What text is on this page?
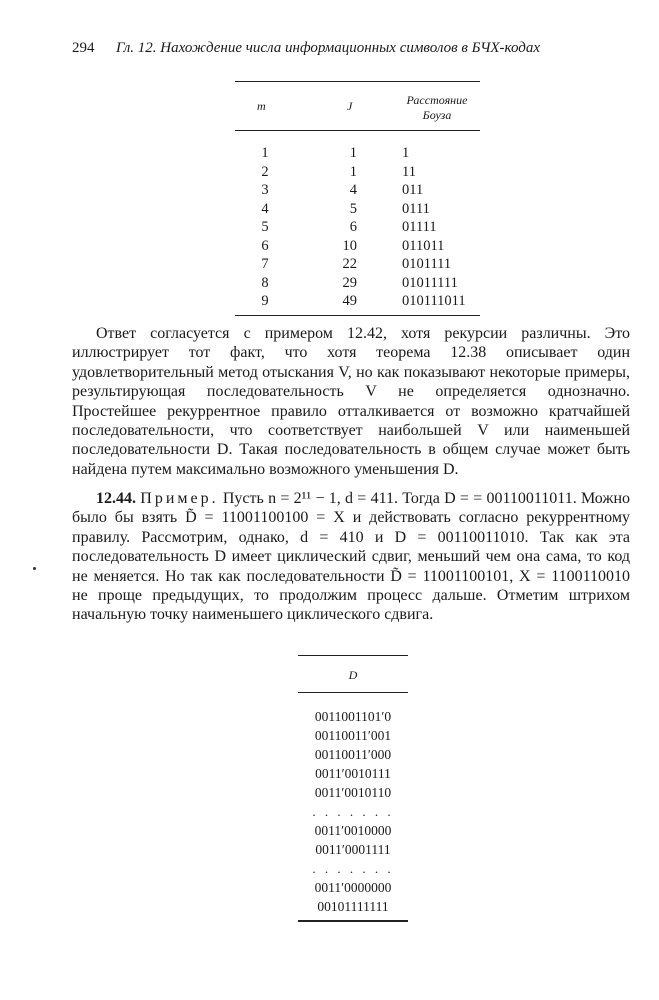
294 Гл. 12. Нахождение числа информационных символов в БЧХ-кодах
m	J	Расстояние
Боуза
1	1	1
2	1	11
3	4	011
4	5	0111
5	6	01111
6	10	011011
7	22	0101111
8	29	01011111
9	49	010111011
Ответ согласуется с примером 12.42, хотя рекурсии различны. Это иллюстрирует тот факт, что хотя теорема 12.38 описывает один удовлетворительный метод отыскания V, но как показывают некоторые примеры, результирующая последовательность V не определяется однозначно. Простейшее рекуррентное правило отталкивается от возможно кратчайшей последовательности, что соответствует наибольшей V или наименьшей последовательности D. Такая последовательность в общем случае может быть найдена путем максимально возможного уменьшения D.
12.44. Пример. Пусть n = 2¹¹ − 1, d = 411. Тогда D = = 00110011011. Можно было бы взять D̃ = 11001100100 = X и действовать согласно рекуррентному правилу. Рассмотрим, однако, d = 410 и D = 00110011010. Так как эта последовательность D имеет циклический сдвиг, меньший чем она сама, то код не меняется. Но так как последовательности D̃ = 11001100101, X = 1100110010 не проще предыдущих, то продолжим процесс дальше. Отметим штрихом начальную точку наименьшего циклического сдвига.
D
0011001101′0
00110011′001
00110011′000
0011′0010111
0011′0010110
. . . . . . .
0011′0010000
0011′0001111
. . . . . . .
0011′0000000
00101111111
